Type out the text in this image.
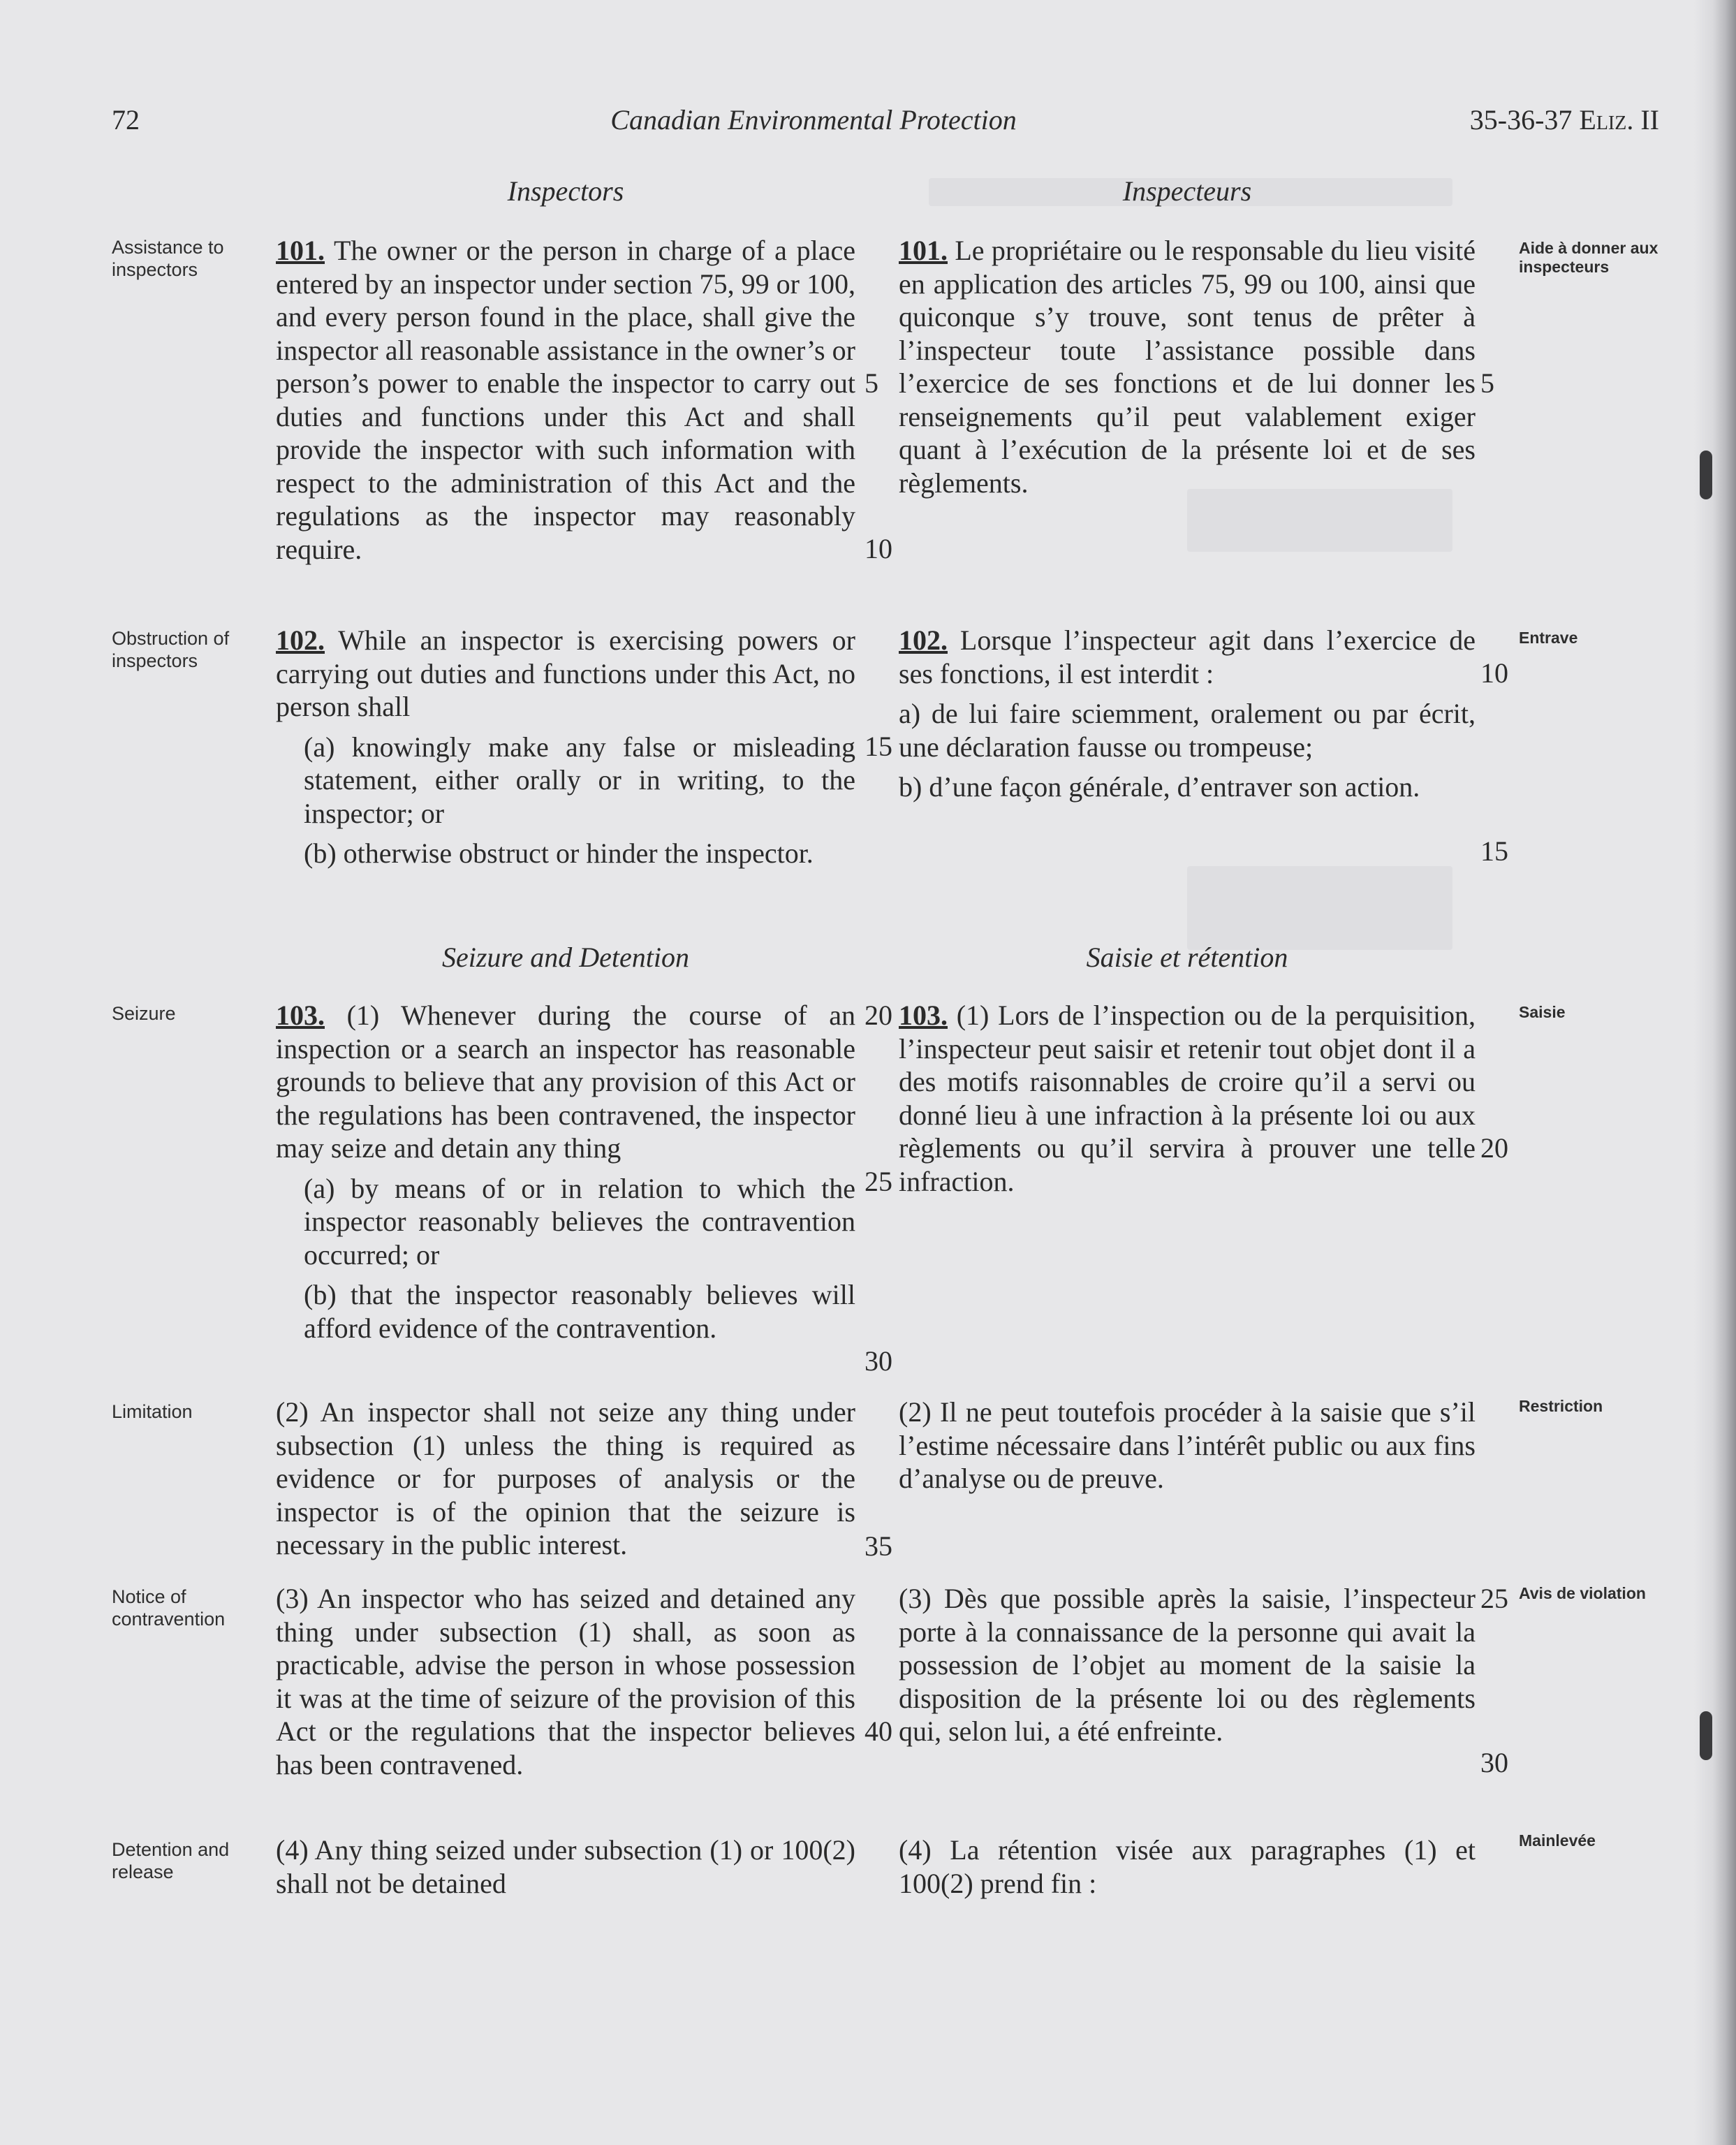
72	Canadian Environmental Protection	35-36-37 Eliz. II
Inspectors	Inspecteurs
Seizure and Detention	Saisie et rétention
Assistance to inspectors
Obstruction of inspectors
Seizure
Limitation
Notice of contravention
Detention and release
Aide à donner aux inspecteurs
Entrave
Saisie
Restriction
Avis de violation
Mainlevée

101. The owner or the person in charge of a place entered by an inspector under section 75, 99 or 100, and every person found in the place, shall give the inspector all reasonable assistance in the owner’s or person’s power to enable the inspector to carry out duties and functions under this Act and shall provide the inspector with such information with respect to the administration of this Act and the regulations as the inspector may reasonably require.

102. While an inspector is exercising powers or carrying out duties and functions under this Act, no person shall

(a) knowingly make any false or misleading statement, either orally or in writing, to the inspector; or

(b) otherwise obstruct or hinder the inspector.

103. (1) Whenever during the course of an inspection or a search an inspector has reasonable grounds to believe that any provision of this Act or the regulations has been contravened, the inspector may seize and detain any thing

(a) by means of or in relation to which the inspector reasonably believes the contravention occurred; or

(b) that the inspector reasonably believes will afford evidence of the contravention.

(2) An inspector shall not seize any thing under subsection (1) unless the thing is required as evidence or for purposes of analysis or the inspector is of the opinion that the seizure is necessary in the public interest.

(3) An inspector who has seized and detained any thing under subsection (1) shall, as soon as practicable, advise the person in whose possession it was at the time of seizure of the provision of this Act or the regulations that the inspector believes has been contravened.

(4) Any thing seized under subsection (1) or 100(2) shall not be detained

101. Le propriétaire ou le responsable du lieu visité en application des articles 75, 99 ou 100, ainsi que quiconque s’y trouve, sont tenus de prêter à l’inspecteur toute l’assistance possible dans l’exercice de ses fonctions et de lui donner les renseignements qu’il peut valablement exiger quant à l’exécution de la présente loi et de ses règlements.

102. Lorsque l’inspecteur agit dans l’exercice de ses fonctions, il est interdit :

a) de lui faire sciemment, oralement ou par écrit, une déclaration fausse ou trompeuse;

b) d’une façon générale, d’entraver son action.

103. (1) Lors de l’inspection ou de la perquisition, l’inspecteur peut saisir et retenir tout objet dont il a des motifs raisonnables de croire qu’il a servi ou donné lieu à une infraction à la présente loi ou aux règlements ou qu’il servira à prouver une telle infraction.

(2) Il ne peut toutefois procéder à la saisie que s’il l’estime nécessaire dans l’intérêt public ou aux fins d’analyse ou de preuve.

(3) Dès que possible après la saisie, l’inspecteur porte à la connaissance de la personne qui avait la possession de l’objet au moment de la saisie la disposition de la présente loi ou des règlements qui, selon lui, a été enfreinte.

(4) La rétention visée aux paragraphes (1) et 100(2) prend fin :

5
10
15
20
25
30
35
40
5
10
15
20
25
30
